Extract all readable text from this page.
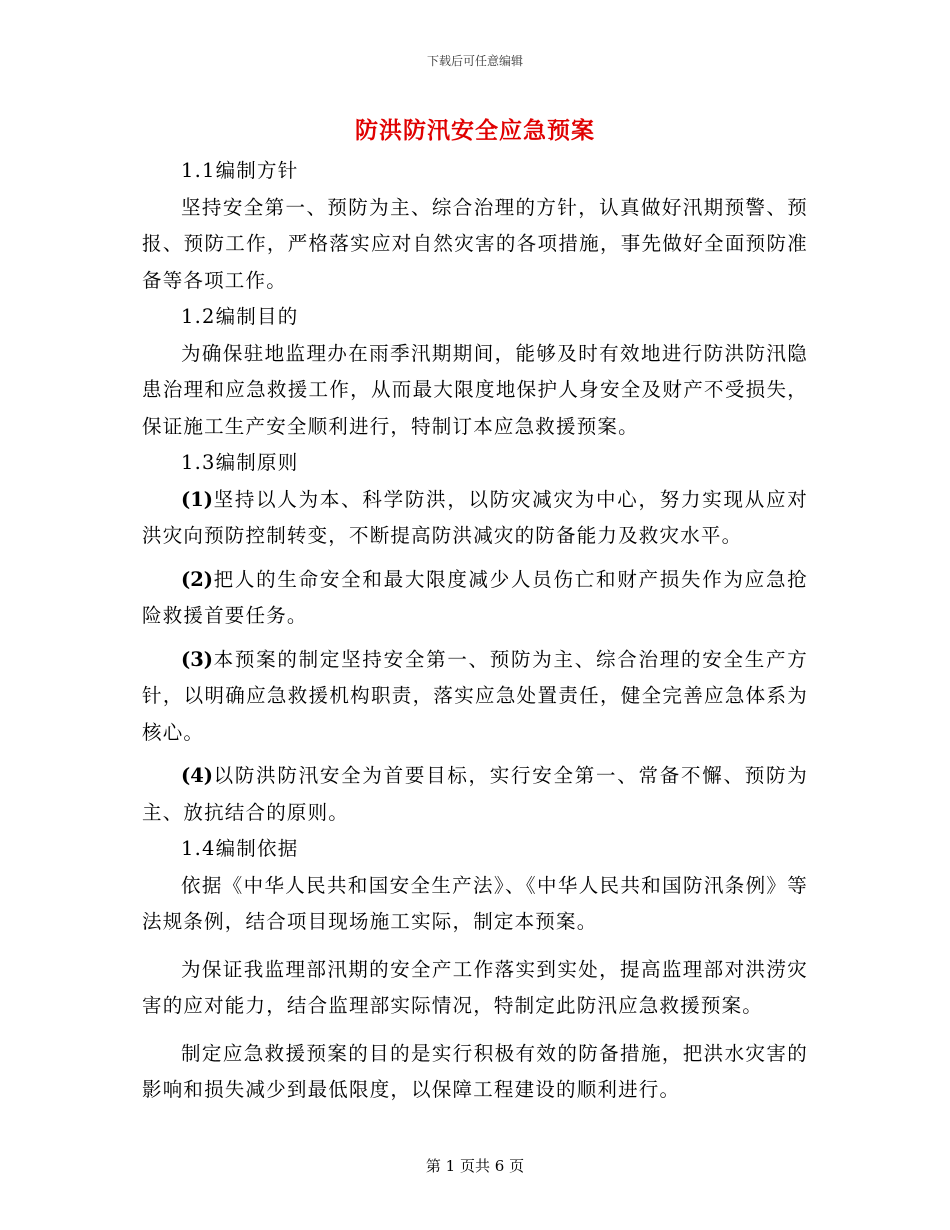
下载后可任意编辑
防洪防汛安全应急预案

1.1编制方针

坚持安全第一、预防为主、综合治理的方针，认真做好汛期预警、预报、预防工作，严格落实应对自然灾害的各项措施，事先做好全面预防准备等各项工作。

1.2编制目的

为确保驻地监理办在雨季汛期期间，能够及时有效地进行防洪防汛隐患治理和应急救援工作，从而最大限度地保护人身安全及财产不受损失，保证施工生产安全顺利进行，特制订本应急救援预案。

1.3编制原则

(1)坚持以人为本、科学防洪，以防灾减灾为中心，努力实现从应对洪灾向预防控制转变，不断提高防洪减灾的防备能力及救灾水平。

(2)把人的生命安全和最大限度减少人员伤亡和财产损失作为应急抢险救援首要任务。

(3)本预案的制定坚持安全第一、预防为主、综合治理的安全生产方针，以明确应急救援机构职责，落实应急处置责任，健全完善应急体系为核心。

(4)以防洪防汛安全为首要目标，实行安全第一、常备不懈、预防为主、放抗结合的原则。

1.4编制依据

依据《中华人民共和国安全生产法》、《中华人民共和国防汛条例》等法规条例，结合项目现场施工实际，制定本预案。

为保证我监理部汛期的安全产工作落实到实处，提高监理部对洪涝灾害的应对能力，结合监理部实际情况，特制定此防汛应急救援预案。

制定应急救援预案的目的是实行积极有效的防备措施，把洪水灾害的影响和损失减少到最低限度，以保障工程建设的顺利进行。

第 1 页共 6 页
